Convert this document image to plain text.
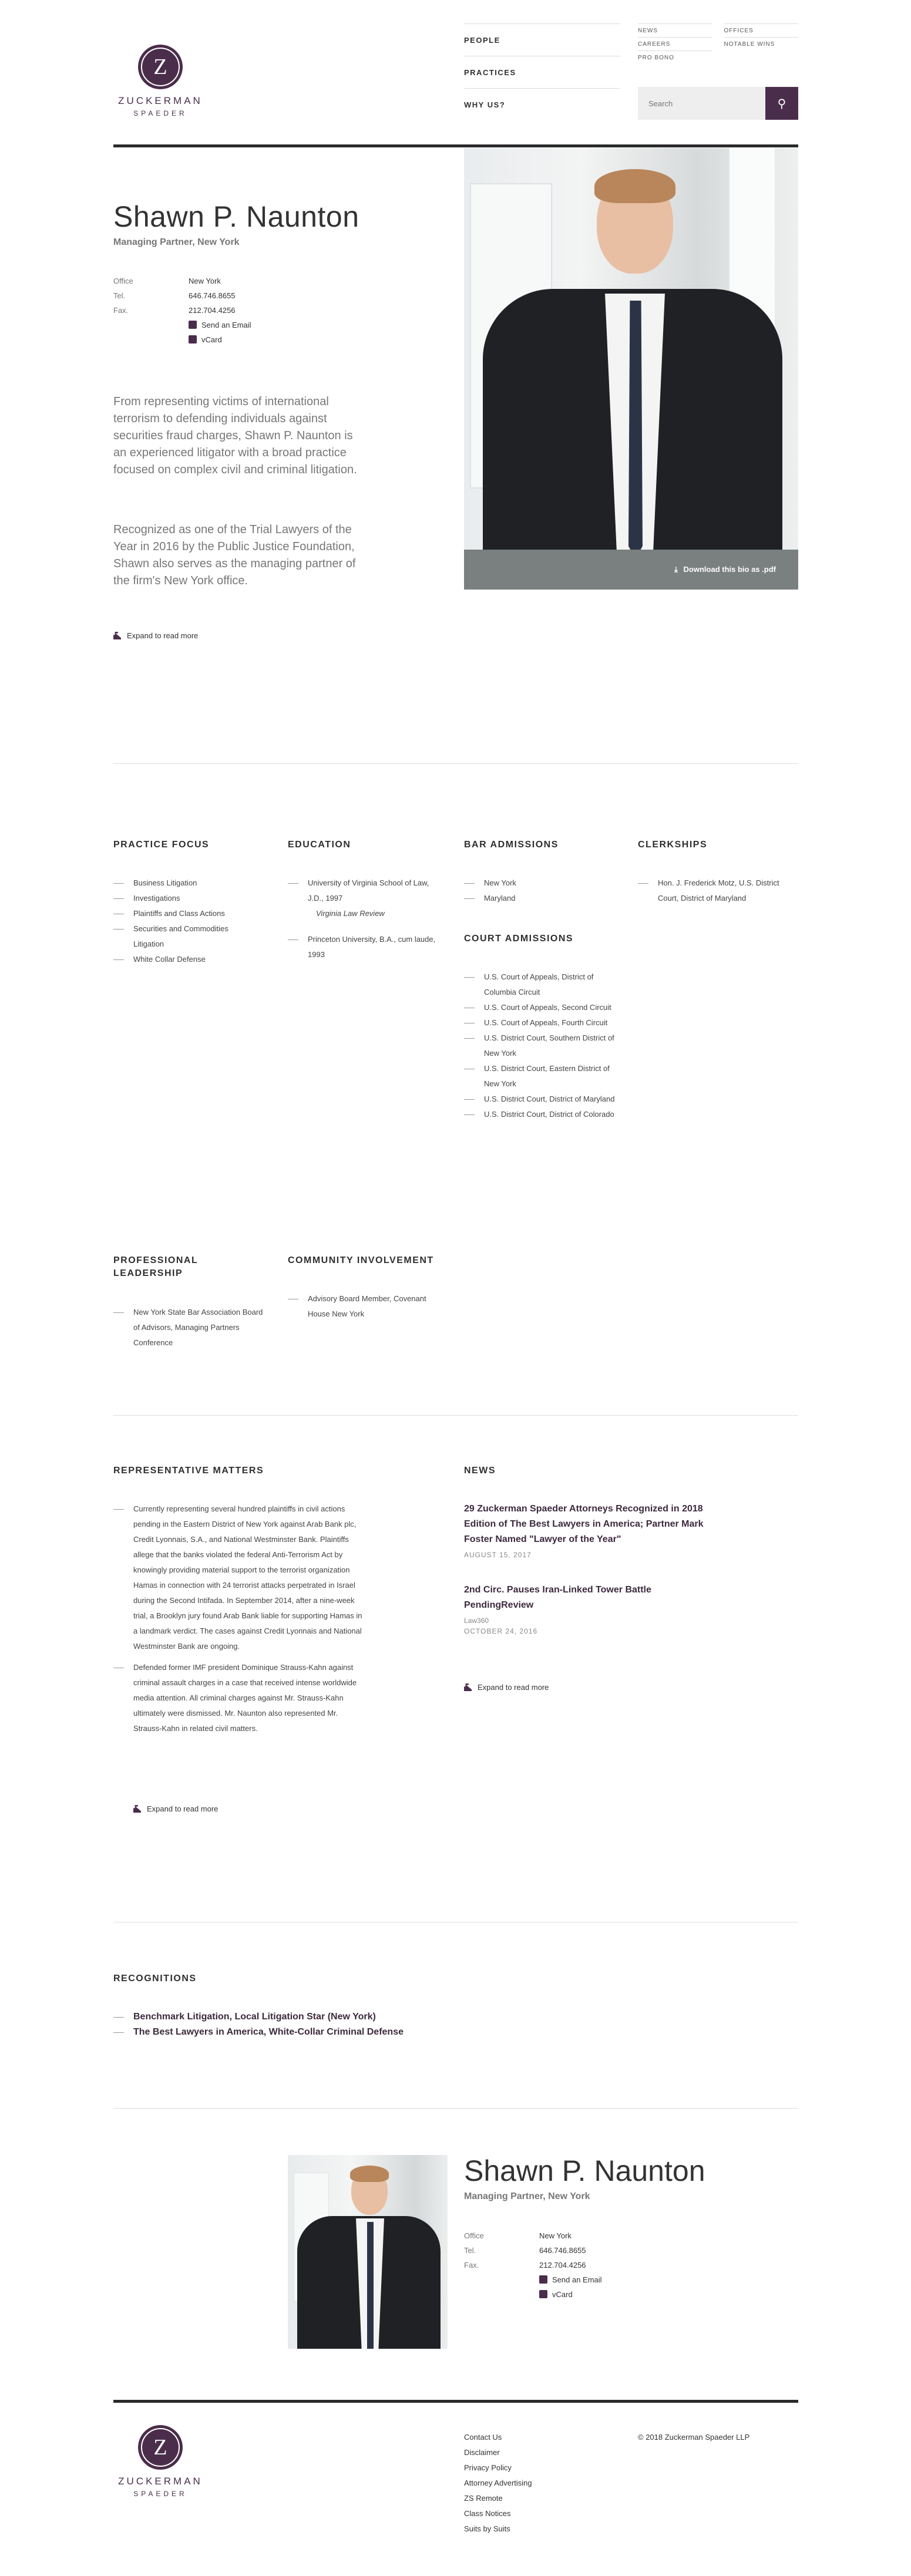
Z
ZUCKERMAN
SPAEDER
PEOPLE
PRACTICES
WHY US?
NEWS	OFFICES
CAREERS	NOTABLE WINS
PRO BONO
Search
⚲
⤓ Download this bio as .pdf
Shawn P. Naunton
Managing Partner, New York
Office	New York
Tel.	646.746.8655
Fax.	212.704.4256
Send an Email
vCard

From representing victims of international terrorism to defending individuals against securities fraud charges, Shawn P. Naunton is an experienced litigator with a broad practice focused on complex civil and criminal litigation.

Recognized as one of the Trial Lawyers of the Year in 2016 by the Public Justice Foundation, Shawn also serves as the managing partner of the firm's New York office.

Expand to read more
PRACTICE FOCUS
Business Litigation
Investigations
Plaintiffs and Class Actions
Securities and Commodities Litigation
White Collar Defense
EDUCATION
University of Virginia School of Law, J.D., 1997
Virginia Law Review
Princeton University, B.A., cum laude, 1993
BAR ADMISSIONS
New York
Maryland
COURT ADMISSIONS
U.S. Court of Appeals, District of Columbia Circuit
U.S. Court of Appeals, Second Circuit
U.S. Court of Appeals, Fourth Circuit
U.S. District Court, Southern District of New York
U.S. District Court, Eastern District of New York
U.S. District Court, District of Maryland
U.S. District Court, District of Colorado
CLERKSHIPS
Hon. J. Frederick Motz, U.S. District Court, District of Maryland
PROFESSIONAL LEADERSHIP
New York State Bar Association Board of Advisors, Managing Partners Conference
COMMUNITY INVOLVEMENT
Advisory Board Member, Covenant House New York
REPRESENTATIVE MATTERS
Currently representing several hundred plaintiffs in civil actions pending in the Eastern District of New York against Arab Bank plc, Credit Lyonnais, S.A., and National Westminster Bank. Plaintiffs allege that the banks violated the federal Anti-Terrorism Act by knowingly providing material support to the terrorist organization Hamas in connection with 24 terrorist attacks perpetrated in Israel during the Second Intifada. In September 2014, after a nine-week trial, a Brooklyn jury found Arab Bank liable for supporting Hamas in a landmark verdict. The cases against Credit Lyonnais and National Westminster Bank are ongoing.
Defended former IMF president Dominique Strauss-Kahn against criminal assault charges in a case that received intense worldwide media attention. All criminal charges against Mr. Strauss-Kahn ultimately were dismissed. Mr. Naunton also represented Mr. Strauss-Kahn in related civil matters.
Expand to read more
NEWS
29 Zuckerman Spaeder Attorneys Recognized in 2018 Edition of The Best Lawyers in America; Partner Mark Foster Named "Lawyer of the Year"
AUGUST 15, 2017
2nd Circ. Pauses Iran-Linked Tower Battle PendingReview
Law360
OCTOBER 24, 2016
Expand to read more
RECOGNITIONS
Benchmark Litigation, Local Litigation Star (New York)
The Best Lawyers in America, White-Collar Criminal Defense
Shawn P. Naunton
Managing Partner, New York
Office	New York
Tel.	646.746.8655
Fax.	212.704.4256
Send an Email
vCard
Z
ZUCKERMAN
SPAEDER
Contact Us
Disclaimer
Privacy Policy
Attorney Advertising
ZS Remote
Class Notices
Suits by Suits
© 2018 Zuckerman Spaeder LLP
